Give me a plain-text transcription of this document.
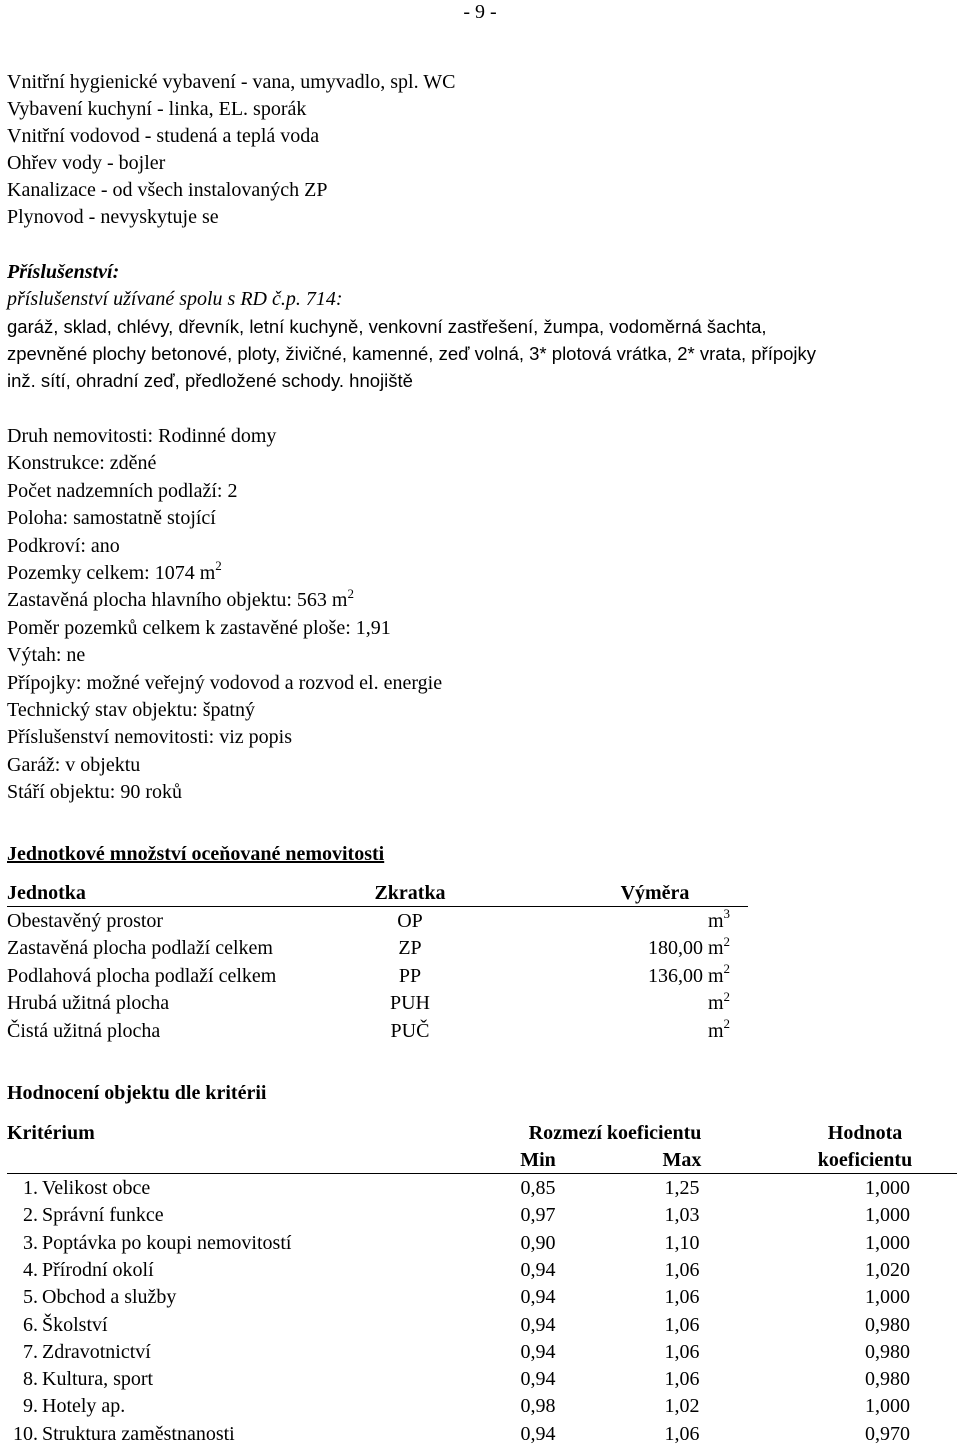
- 9 -
Vnitřní hygienické vybavení - vana, umyvadlo, spl. WC
Vybavení kuchyní - linka, EL. sporák
Vnitřní vodovod - studená a teplá voda
Ohřev vody - bojler
Kanalizace - od všech instalovaných ZP
Plynovod - nevyskytuje se
Příslušenství:
příslušenství užívané spolu s RD č.p. 714:
garáž, sklad, chlévy, dřevník, letní kuchyně, venkovní zastřešení, žumpa, vodoměrná šachta,
zpevněné plochy betonové, ploty, živičné, kamenné, zeď volná, 3* plotová vrátka, 2* vrata, přípojky
inž. sítí, ohradní zeď, předložené schody. hnojiště
Druh nemovitosti: Rodinné domy
Konstrukce: zděné
Počet nadzemních podlaží: 2
Poloha: samostatně stojící
Podkroví: ano
Pozemky celkem: 1074 $m^2$
Zastavěná plocha hlavního objektu: 563 $m^2$
Poměr pozemků celkem k zastavěné ploše: 1,91
Výtah: ne
Přípojky: možné veřejný vodovod a rozvod el. energie
Technický stav objektu: špatný
Příslušenství nemovitosti: viz popis
Garáž: v objektu
Stáří objektu: 90 roků
Jednotkové množství oceňované nemovitosti
Jednotka	Zkratka	Výměra
Obestavěný prostor	OP	$m^3$
Zastavěná plocha podlaží celkem	ZP	180,00 $m^2$
Podlahová plocha podlaží celkem	PP	136,00 $m^2$
Hrubá užitná plocha	PUH	$m^2$
Čistá užitná plocha	PUČ	$m^2$
Hodnocení objektu dle kritérii
Kritérium	Rozmezí koeficientu
Min	Max
Hodnota
koeficientu
1. Velikost obce	0,85	1,25	1,000
2. Správní funkce	0,97	1,03	1,000
3. Poptávka po koupi nemovitostí	0,90	1,10	1,000
4. Přírodní okolí	0,94	1,06	1,020
5. Obchod a služby	0,94	1,06	1,000
6. Školství	0,94	1,06	0,980
7. Zdravotnictví	0,94	1,06	0,980
8. Kultura, sport	0,94	1,06	0,980
9. Hotely ap.	0,98	1,02	1,000
10. Struktura zaměstnanosti	0,94	1,06	0,970
